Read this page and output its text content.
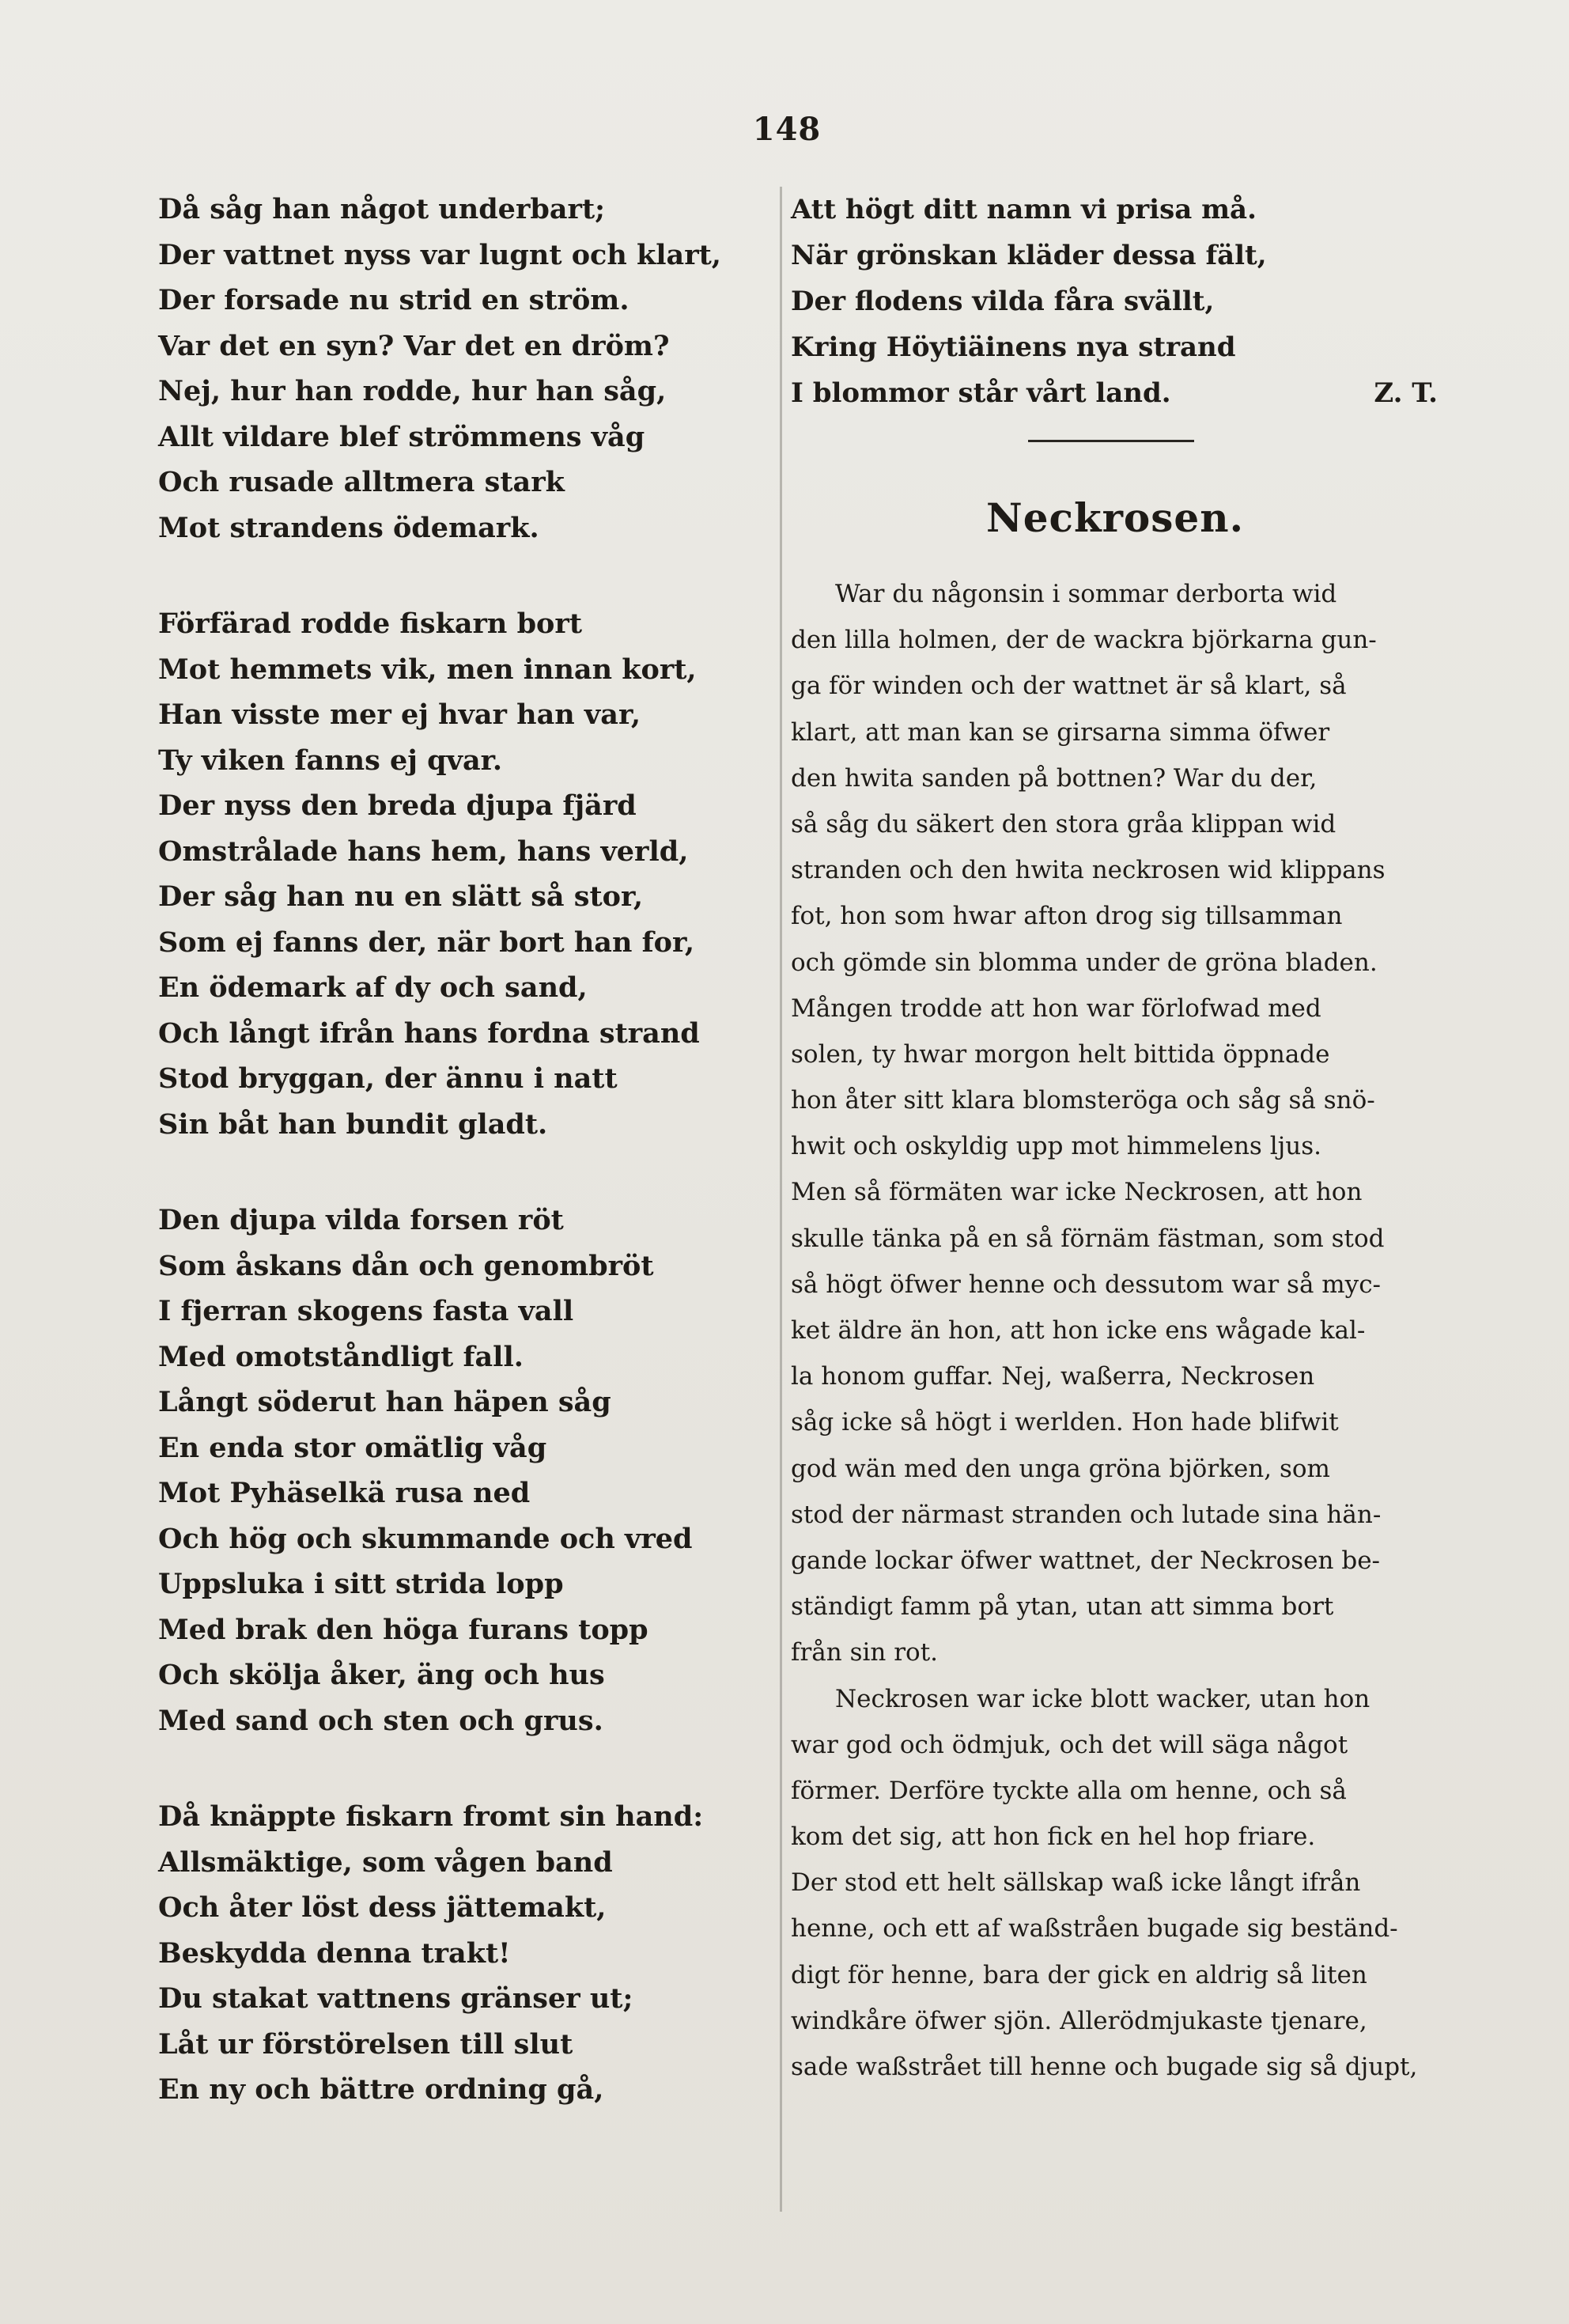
148
Då såg han något underbart;
Der vattnet nyss var lugnt och klart,
Der forsade nu strid en ström.
Var det en syn? Var det en dröm?
Nej, hur han rodde, hur han såg,
Allt vildare blef strömmens våg
Och rusade alltmera stark
Mot strandens ödemark.
Förfärad rodde fiskarn bort
Mot hemmets vik, men innan kort,
Han visste mer ej hvar han var,
Ty viken fanns ej qvar.
Der nyss den breda djupa fjärd
Omstrålade hans hem, hans verld,
Der såg han nu en slätt så stor,
Som ej fanns der, när bort han for,
En ödemark af dy och sand,
Och långt ifrån hans fordna strand
Stod bryggan, der ännu i natt
Sin båt han bundit gladt.
Den djupa vilda forsen röt
Som åskans dån och genombröt
I fjerran skogens fasta vall
Med omotståndligt fall.
Långt söderut han häpen såg
En enda stor omätlig våg
Mot Pyhäselkä rusa ned
Och hög och skummande och vred
Uppsluka i sitt strida lopp
Med brak den höga furans topp
Och skölja åker, äng och hus
Med sand och sten och grus.
Då knäppte fiskarn fromt sin hand:
Allsmäktige, som vågen band
Och åter löst dess jättemakt,
Beskydda denna trakt!
Du stakat vattnens gränser ut;
Låt ur förstörelsen till slut
En ny och bättre ordning gå,
Att högt ditt namn vi prisa må.
När grönskan kläder dessa fält,
Der flodens vilda fåra svällt,
Kring Höytiäinens nya strand
I blommor står vårt land.	Z. T.
Neckrosen.

War du någonsin i sommar derborta wid
den lilla holmen, der de wackra björkarna gun-
ga för winden och der wattnet är så klart, så
klart, att man kan se girsarna simma öfwer
den hwita sanden på bottnen? War du der,
så såg du säkert den stora gråa klippan wid
stranden och den hwita neckrosen wid klippans
fot, hon som hwar afton drog sig tillsamman
och gömde sin blomma under de gröna bladen.

Mången trodde att hon war förlofwad med
solen, ty hwar morgon helt bittida öppnade
hon åter sitt klara blomsteröga och såg så snö-
hwit och oskyldig upp mot himmelens ljus.
Men så förmäten war icke Neckrosen, att hon
skulle tänka på en så förnäm fästman, som stod
så högt öfwer henne och dessutom war så myc-
ket äldre än hon, att hon icke ens wågade kal-
la honom guffar. Nej, waßerra, Neckrosen
såg icke så högt i werlden. Hon hade blifwit
god wän med den unga gröna björken, som
stod der närmast stranden och lutade sina hän-
gande lockar öfwer wattnet, der Neckrosen be-
ständigt famm på ytan, utan att simma bort
från sin rot.

Neckrosen war icke blott wacker, utan hon
war god och ödmjuk, och det will säga något
förmer. Derföre tyckte alla om henne, och så
kom det sig, att hon fick en hel hop friare.
Der stod ett helt sällskap waß icke långt ifrån
henne, och ett af waßstråen bugade sig beständ-
digt för henne, bara der gick en aldrig så liten
windkåre öfwer sjön. Allerödmjukaste tjenare,
sade waßstrået till henne och bugade sig så djupt,
